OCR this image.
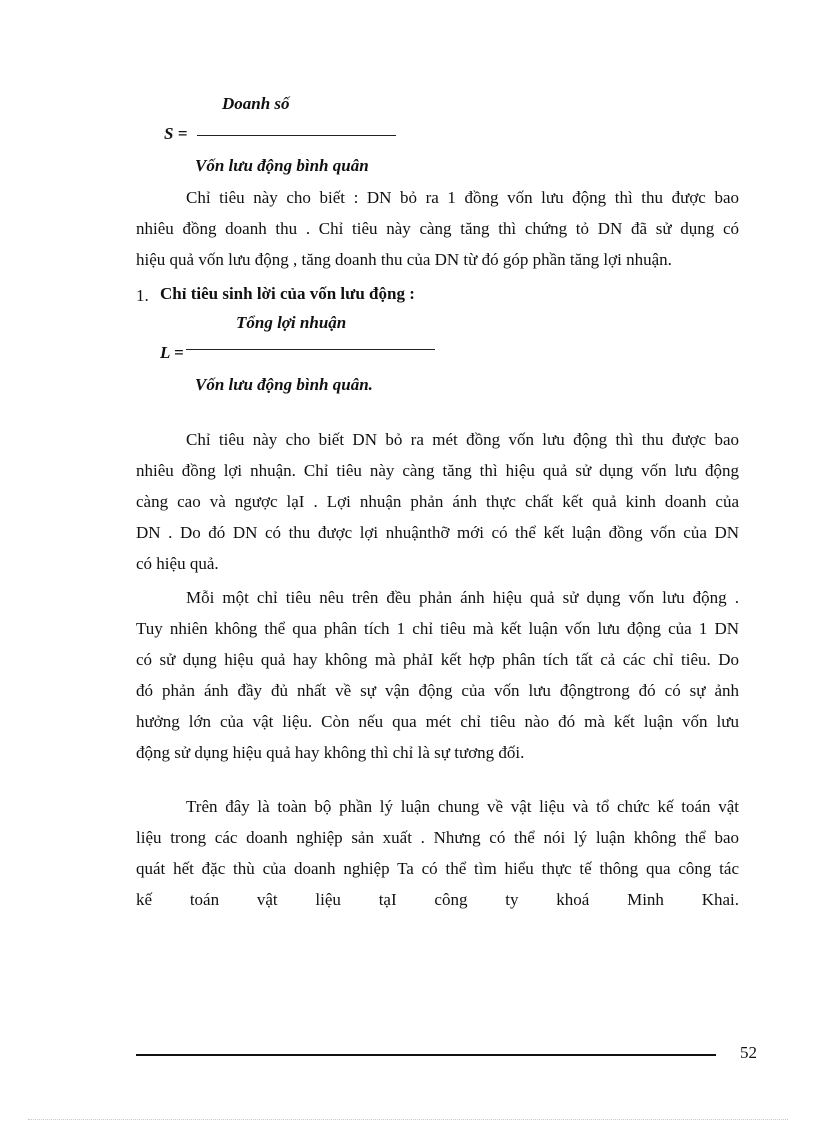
Doanh số
S =
Vốn lưu động bình quân
Chỉ tiêu này cho biết : DN bỏ ra 1 đồng vốn lưu động thì thu được bao
nhiêu đồng doanh thu . Chỉ tiêu này càng tăng thì chứng tỏ DN đã sử dụng có
hiệu quả vốn lưu động , tăng doanh thu của DN từ đó góp phần tăng lợi nhuận.
1. Chỉ tiêu sinh lời của vốn lưu động :
Tổng lợi nhuận
L =
Vốn lưu động bình quân.
Chỉ tiêu này cho biết DN bỏ ra mét đồng vốn lưu động thì thu được bao
nhiêu đồng lợi nhuận. Chỉ tiêu này càng tăng thì hiệu quả sử dụng vốn lưu động
càng cao và ngược lạI . Lợi nhuận phản ánh thực chất kết quả kinh doanh của
DN . Do đó DN có thu được lợi nhuậnthỡ mới có thể kết luận đồng vốn của DN
có hiệu quả.
Mỗi một chỉ tiêu nêu trên đều phản ánh hiệu quả sử dụng vốn lưu động .
Tuy nhiên không thể qua phân tích 1 chỉ tiêu mà kết luận vốn lưu động của 1 DN
có sử dụng hiệu quả hay không mà phảI kết hợp phân tích tất cả các chỉ tiêu. Do
đó phản ánh đầy đủ nhất về sự vận động của vốn lưu độngtrong đó có sự ảnh
hưởng lớn của vật liệu. Còn nếu qua mét chỉ tiêu nào đó mà kết luận vốn lưu
động sử dụng hiệu quả hay không thì chỉ là sự tương đối.
Trên đây là toàn bộ phần lý luận chung về vật liệu và tổ chức kế toán vật
liệu trong các doanh nghiệp sản xuất . Nhưng có thể nói lý luận không thể bao
quát hết đặc thù của doanh nghiệp Ta có thể tìm hiểu thực tế thông qua công tác
kế toán vật liệu tạI công ty khoá Minh Khai.
52
